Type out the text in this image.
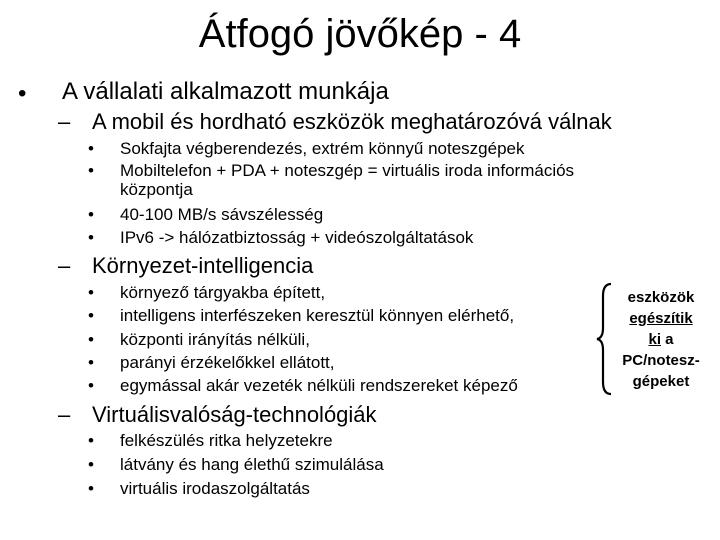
Átfogó jövőkép - 4
• A vállalati alkalmazott munkája
– A mobil és hordható eszközök meghatározóvá válnak
• Sokfajta végberendezés, extrém könnyű noteszgépek
• Mobiltelefon + PDA + noteszgép = virtuális iroda információs
központja
• 40-100 MB/s sávszélesség
• IPv6 -> hálózatbiztosság + videószolgáltatások
– Környezet-intelligencia
• környező tárgyakba épített,
• intelligens interfészeken keresztül könnyen elérhető,
• központi irányítás nélküli,
• parányi érzékelőkkel ellátott,
• egymással akár vezeték nélküli rendszereket képező
eszközök
egészítik
ki a
PC/notesz-
gépeket
– Virtuálisvalóság-technológiák
• felkészülés ritka helyzetekre
• látvány és hang élethű szimulálása
• virtuális irodaszolgáltatás
